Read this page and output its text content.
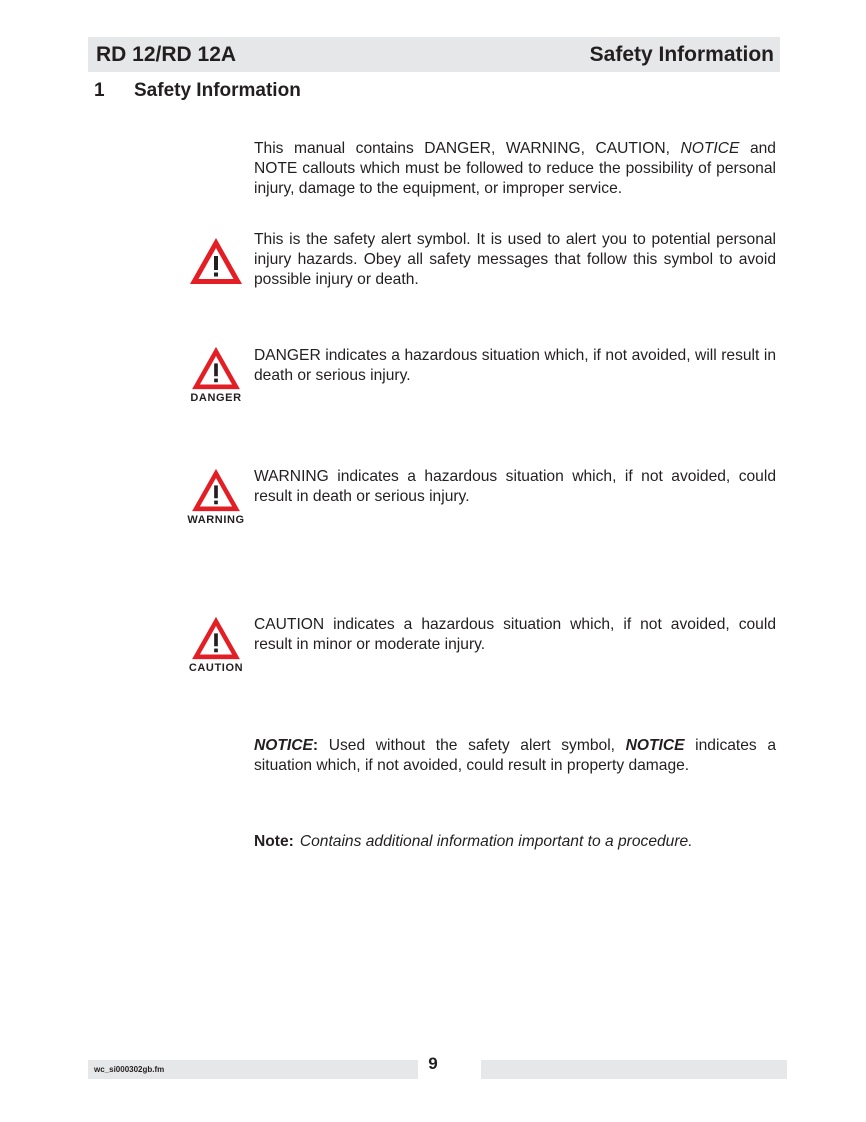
RD 12/RD 12A	Safety Information
1 Safety Information
This manual contains DANGER, WARNING, CAUTION, NOTICE and NOTE callouts which must be followed to reduce the possibility of personal injury, damage to the equipment, or improper service.
This is the safety alert symbol. It is used to alert you to potential personal injury hazards. Obey all safety messages that follow this symbol to avoid possible injury or death.
DANGER
DANGER indicates a hazardous situation which, if not avoided, will result in death or serious injury.
WARNING
WARNING indicates a hazardous situation which, if not avoided, could result in death or serious injury.
CAUTION
CAUTION indicates a hazardous situation which, if not avoided, could result in minor or moderate injury.
NOTICE: Used without the safety alert symbol, NOTICE indicates a situation which, if not avoided, could result in property damage.
Note: Contains additional information important to a procedure.
wc_si000302gb.fm	9
